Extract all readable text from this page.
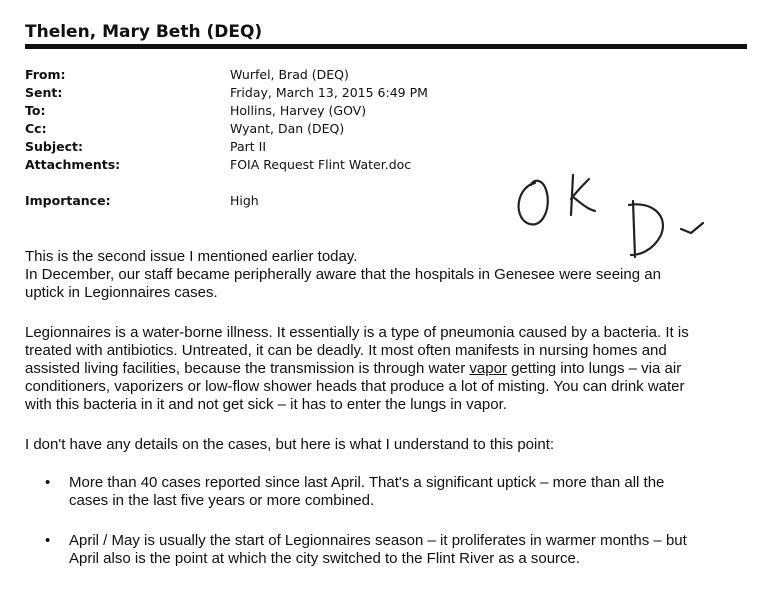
Thelen, Mary Beth (DEQ)
From:	Wurfel, Brad (DEQ)
Sent:	Friday, March 13, 2015 6:49 PM
To:	Hollins, Harvey (GOV)
Cc:	Wyant, Dan (DEQ)
Subject:	Part II
Attachments:	FOIA Request Flint Water.doc
Importance:	High

This is the second issue I mentioned earlier today.

In December, our staff became peripherally aware that the hospitals in Genesee were seeing an

uptick in Legionnaires cases.

Legionnaires is a water-borne illness. It essentially is a type of pneumonia caused by a bacteria. It is

treated with antibiotics. Untreated, it can be deadly. It most often manifests in nursing homes and

assisted living facilities, because the transmission is through water vapor getting into lungs – via air

conditioners, vaporizers or low-flow shower heads that produce a lot of misting. You can drink water

with this bacteria in it and not get sick – it has to enter the lungs in vapor.

I don't have any details on the cases, but here is what I understand to this point:

• More than 40 cases reported since last April. That's a significant uptick – more than all the
cases in the last five years or more combined.
• April / May is usually the start of Legionnaires season – it proliferates in warmer months – but
April also is the point at which the city switched to the Flint River as a source.
